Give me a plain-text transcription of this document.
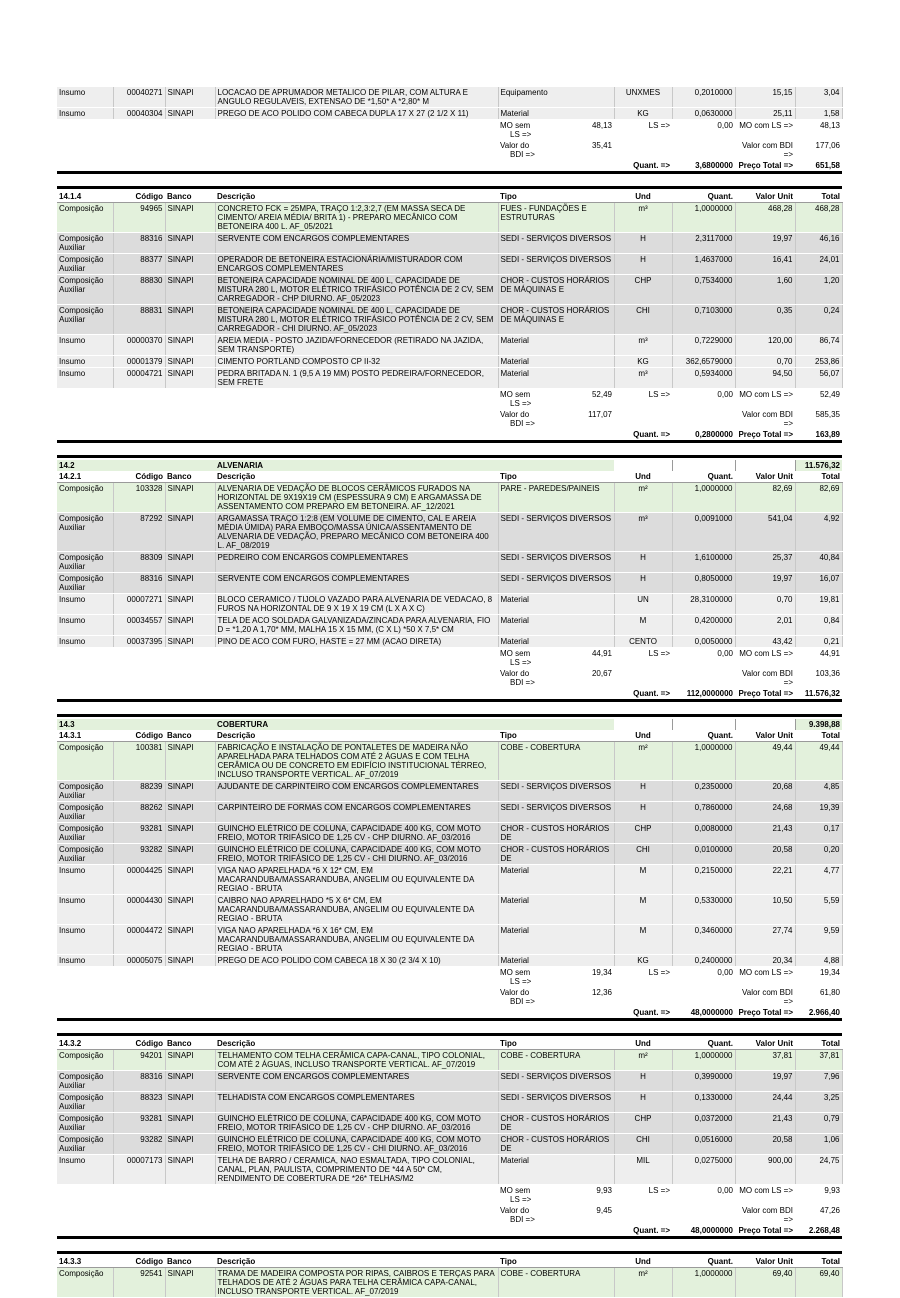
Insumo	00040271	SINAPI	LOCACAO DE APRUMADOR METALICO DE PILAR, COM ALTURA E ANGULO REGULAVEIS, EXTENSAO DE *1,50* A *2,80* M	Equipamento		UNXMES	0,2010000	15,15	3,04
Insumo	00040304	SINAPI	PREGO DE ACO POLIDO COM CABECA DUPLA 17 X 27 (2 1/2 X 11)	Material		KG	0,0630000	25,11	1,58
				MO sem
LS =>	48,13	LS =>	0,00	MO com LS =>	48,13
				Valor do
BDI =>	35,41			Valor com BDI =>	177,06
						Quant. =>	3,6800000	Preço Total =>	651,58

14.1.4	Código	Banco	Descrição	Tipo		Und	Quant.	Valor Unit	Total
Composição	94965	SINAPI	CONCRETO FCK = 25MPA, TRAÇO 1:2,3:2,7 (EM MASSA SECA DE CIMENTO/ AREIA MÉDIA/ BRITA 1) - PREPARO MECÂNICO COM BETONEIRA 400 L. AF_05/2021	FUES - FUNDAÇÕES E ESTRUTURAS		m³	1,0000000	468,28	468,28
Composição Auxiliar	88316	SINAPI	SERVENTE COM ENCARGOS COMPLEMENTARES	SEDI - SERVIÇOS DIVERSOS		H	2,3117000	19,97	46,16
Composição Auxiliar	88377	SINAPI	OPERADOR DE BETONEIRA ESTACIONÁRIA/MISTURADOR COM ENCARGOS COMPLEMENTARES	SEDI - SERVIÇOS DIVERSOS		H	1,4637000	16,41	24,01
Composição Auxiliar	88830	SINAPI	BETONEIRA CAPACIDADE NOMINAL DE 400 L, CAPACIDADE DE MISTURA 280 L, MOTOR ELÉTRICO TRIFÁSICO POTÊNCIA DE 2 CV, SEM CARREGADOR - CHP DIURNO. AF_05/2023	CHOR - CUSTOS HORÁRIOS DE MÁQUINAS E		CHP	0,7534000	1,60	1,20
Composição Auxiliar	88831	SINAPI	BETONEIRA CAPACIDADE NOMINAL DE 400 L, CAPACIDADE DE MISTURA 280 L, MOTOR ELÉTRICO TRIFÁSICO POTÊNCIA DE 2 CV, SEM CARREGADOR - CHI DIURNO. AF_05/2023	CHOR - CUSTOS HORÁRIOS DE MÁQUINAS E		CHI	0,7103000	0,35	0,24
Insumo	00000370	SINAPI	AREIA MEDIA - POSTO JAZIDA/FORNECEDOR (RETIRADO NA JAZIDA, SEM TRANSPORTE)	Material		m³	0,7229000	120,00	86,74
Insumo	00001379	SINAPI	CIMENTO PORTLAND COMPOSTO CP II-32	Material		KG	362,6579000	0,70	253,86
Insumo	00004721	SINAPI	PEDRA BRITADA N. 1 (9,5 A 19 MM) POSTO PEDREIRA/FORNECEDOR, SEM FRETE	Material		m³	0,5934000	94,50	56,07
				MO sem
LS =>	52,49	LS =>	0,00	MO com LS =>	52,49
				Valor do
BDI =>	117,07			Valor com BDI =>	585,35
						Quant. =>	0,2800000	Preço Total =>	163,89

14.2			ALVENARIA						11.576,32
14.2.1	Código	Banco	Descrição	Tipo		Und	Quant.	Valor Unit	Total
Composição	103328	SINAPI	ALVENARIA DE VEDAÇÃO DE BLOCOS CERÂMICOS FURADOS NA HORIZONTAL DE 9X19X19 CM (ESPESSURA 9 CM) E ARGAMASSA DE ASSENTAMENTO COM PREPARO EM BETONEIRA. AF_12/2021	PARE - PAREDES/PAINEIS		m²	1,0000000	82,69	82,69
Composição Auxiliar	87292	SINAPI	ARGAMASSA TRAÇO 1:2:8 (EM VOLUME DE CIMENTO, CAL E AREIA MÉDIA ÚMIDA) PARA EMBOÇO/MASSA ÚNICA/ASSENTAMENTO DE ALVENARIA DE VEDAÇÃO, PREPARO MECÂNICO COM BETONEIRA 400 L. AF_08/2019	SEDI - SERVIÇOS DIVERSOS		m³	0,0091000	541,04	4,92
Composição Auxiliar	88309	SINAPI	PEDREIRO COM ENCARGOS COMPLEMENTARES	SEDI - SERVIÇOS DIVERSOS		H	1,6100000	25,37	40,84
Composição Auxiliar	88316	SINAPI	SERVENTE COM ENCARGOS COMPLEMENTARES	SEDI - SERVIÇOS DIVERSOS		H	0,8050000	19,97	16,07
Insumo	00007271	SINAPI	BLOCO CERAMICO / TIJOLO VAZADO PARA ALVENARIA DE VEDACAO, 8 FUROS NA HORIZONTAL DE 9 X 19 X 19 CM (L X A X C)	Material		UN	28,3100000	0,70	19,81
Insumo	00034557	SINAPI	TELA DE ACO SOLDADA GALVANIZADA/ZINCADA PARA ALVENARIA, FIO D = *1,20 A 1,70* MM, MALHA 15 X 15 MM, (C X L) *50 X 7,5* CM	Material		M	0,4200000	2,01	0,84
Insumo	00037395	SINAPI	PINO DE ACO COM FURO, HASTE = 27 MM (ACAO DIRETA)	Material		CENTO	0,0050000	43,42	0,21
				MO sem
LS =>	44,91	LS =>	0,00	MO com LS =>	44,91
				Valor do
BDI =>	20,67			Valor com BDI =>	103,36
						Quant. =>	112,0000000	Preço Total =>	11.576,32

14.3			COBERTURA						9.398,88
14.3.1	Código	Banco	Descrição	Tipo		Und	Quant.	Valor Unit	Total
Composição	100381	SINAPI	FABRICAÇÃO E INSTALAÇÃO DE PONTALETES DE MADEIRA NÃO APARELHADA PARA TELHADOS COM ATÉ 2 ÁGUAS E COM TELHA CERÂMICA OU DE CONCRETO EM EDIFÍCIO INSTITUCIONAL TÉRREO, INCLUSO TRANSPORTE VERTICAL. AF_07/2019	COBE - COBERTURA		m²	1,0000000	49,44	49,44
Composição Auxiliar	88239	SINAPI	AJUDANTE DE CARPINTEIRO COM ENCARGOS COMPLEMENTARES	SEDI - SERVIÇOS DIVERSOS		H	0,2350000	20,68	4,85
Composição Auxiliar	88262	SINAPI	CARPINTEIRO DE FORMAS COM ENCARGOS COMPLEMENTARES	SEDI - SERVIÇOS DIVERSOS		H	0,7860000	24,68	19,39
Composição Auxiliar	93281	SINAPI	GUINCHO ELÉTRICO DE COLUNA, CAPACIDADE 400 KG, COM MOTO FREIO, MOTOR TRIFÁSICO DE 1,25 CV - CHP DIURNO. AF_03/2016	CHOR - CUSTOS HORÁRIOS DE		CHP	0,0080000	21,43	0,17
Composição Auxiliar	93282	SINAPI	GUINCHO ELÉTRICO DE COLUNA, CAPACIDADE 400 KG, COM MOTO FREIO, MOTOR TRIFÁSICO DE 1,25 CV - CHI DIURNO. AF_03/2016	CHOR - CUSTOS HORÁRIOS DE		CHI	0,0100000	20,58	0,20
Insumo	00004425	SINAPI	VIGA NAO APARELHADA *6 X 12* CM, EM MACARANDUBA/MASSARANDUBA, ANGELIM OU EQUIVALENTE DA REGIAO - BRUTA	Material		M	0,2150000	22,21	4,77
Insumo	00004430	SINAPI	CAIBRO NAO APARELHADO *5 X 6* CM, EM MACARANDUBA/MASSARANDUBA, ANGELIM OU EQUIVALENTE DA REGIAO - BRUTA	Material		M	0,5330000	10,50	5,59
Insumo	00004472	SINAPI	VIGA NAO APARELHADA *6 X 16* CM, EM MACARANDUBA/MASSARANDUBA, ANGELIM OU EQUIVALENTE DA REGIAO - BRUTA	Material		M	0,3460000	27,74	9,59
Insumo	00005075	SINAPI	PREGO DE ACO POLIDO COM CABECA 18 X 30 (2 3/4 X 10)	Material		KG	0,2400000	20,34	4,88
				MO sem
LS =>	19,34	LS =>	0,00	MO com LS =>	19,34
				Valor do
BDI =>	12,36			Valor com BDI =>	61,80
						Quant. =>	48,0000000	Preço Total =>	2.966,40

14.3.2	Código	Banco	Descrição	Tipo		Und	Quant.	Valor Unit	Total
Composição	94201	SINAPI	TELHAMENTO COM TELHA CERÂMICA CAPA-CANAL, TIPO COLONIAL, COM ATÉ 2 ÁGUAS, INCLUSO TRANSPORTE VERTICAL. AF_07/2019	COBE - COBERTURA		m²	1,0000000	37,81	37,81
Composição Auxiliar	88316	SINAPI	SERVENTE COM ENCARGOS COMPLEMENTARES	SEDI - SERVIÇOS DIVERSOS		H	0,3990000	19,97	7,96
Composição Auxiliar	88323	SINAPI	TELHADISTA COM ENCARGOS COMPLEMENTARES	SEDI - SERVIÇOS DIVERSOS		H	0,1330000	24,44	3,25
Composição Auxiliar	93281	SINAPI	GUINCHO ELÉTRICO DE COLUNA, CAPACIDADE 400 KG, COM MOTO FREIO, MOTOR TRIFÁSICO DE 1,25 CV - CHP DIURNO. AF_03/2016	CHOR - CUSTOS HORÁRIOS DE		CHP	0,0372000	21,43	0,79
Composição Auxiliar	93282	SINAPI	GUINCHO ELÉTRICO DE COLUNA, CAPACIDADE 400 KG, COM MOTO FREIO, MOTOR TRIFÁSICO DE 1,25 CV - CHI DIURNO. AF_03/2016	CHOR - CUSTOS HORÁRIOS DE		CHI	0,0516000	20,58	1,06
Insumo	00007173	SINAPI	TELHA DE BARRO / CERAMICA, NAO ESMALTADA, TIPO COLONIAL, CANAL, PLAN, PAULISTA, COMPRIMENTO DE *44 A 50* CM, RENDIMENTO DE COBERTURA DE *26* TELHAS/M2	Material		MIL	0,0275000	900,00	24,75
				MO sem
LS =>	9,93	LS =>	0,00	MO com LS =>	9,93
				Valor do
BDI =>	9,45			Valor com BDI =>	47,26
						Quant. =>	48,0000000	Preço Total =>	2.268,48

14.3.3	Código	Banco	Descrição	Tipo		Und	Quant.	Valor Unit	Total
Composição	92541	SINAPI	TRAMA DE MADEIRA COMPOSTA POR RIPAS, CAIBROS E TERÇAS PARA TELHADOS DE ATÉ 2 ÁGUAS PARA TELHA CERÂMICA CAPA-CANAL, INCLUSO TRANSPORTE VERTICAL. AF_07/2019	COBE - COBERTURA		m²	1,0000000	69,40	69,40
